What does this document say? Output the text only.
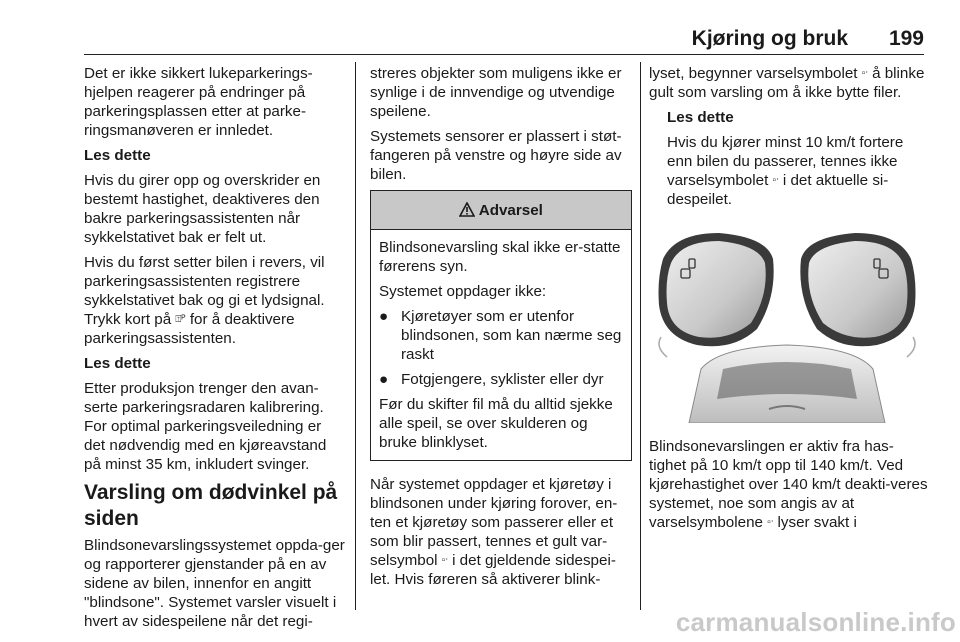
Kjøring og bruk 199

Det er ikke sikkert lukeparkerings-hjelpen reagerer på endringer på parkeringsplassen etter at parke-ringsmanøveren er innledet.

Les dette

Hvis du girer opp og overskrider en bestemt hastighet, deaktiveres den bakre parkeringsassistenten når sykkelstativet bak er felt ut.

Hvis du først setter bilen i revers, vil parkeringsassistenten registrere sykkelstativet bak og gi et lydsignal. Trykk kort på ⍐ᴾ for å deaktivere parkeringsassistenten.

Les dette

Etter produksjon trenger den avan-serte parkeringsradaren kalibrering. For optimal parkeringsveiledning er det nødvendig med en kjøreavstand på minst 35 km, inkludert svinger.

Varsling om dødvinkel på siden

Blindsonevarslingssystemet oppda-ger og rapporterer gjenstander på en av sidene av bilen, innenfor en angitt "blindsone". Systemet varsler visuelt i hvert av sidespeilene når det regi-

streres objekter som muligens ikke er synlige i de innvendige og utvendige speilene.

Systemets sensorer er plassert i støt-fangeren på venstre og høyre side av bilen.

Advarsel

Blindsonevarsling skal ikke er-statte førerens syn.

Systemet oppdager ikke:

● Kjøretøyer som er utenfor blindsonen, som kan nærme seg raskt
● Fotgjengere, syklister eller dyr

Før du skifter fil må du alltid sjekke alle speil, se over skulderen og bruke blinklyset.

Når systemet oppdager et kjøretøy i blindsonen under kjøring forover, en-ten et kjøretøy som passerer eller et som blir passert, tennes et gult var-selsymbol ▫ᐧ i det gjeldende sidespei-let. Hvis føreren så aktiverer blink-

lyset, begynner varselsymbolet ▫ᐧ å blinke gult som varsling om å ikke bytte filer.

Les dette

Hvis du kjører minst 10 km/t fortere enn bilen du passerer, tennes ikke varselsymbolet ▫ᐧ i det aktuelle si-despeilet.

Blindsonevarslingen er aktiv fra has-tighet på 10 km/t opp til 140 km/t. Ved kjørehastighet over 140 km/t deakti-veres systemet, noe som angis av at varselsymbolene ▫ᐧ lyser svakt i

carmanualsonline.info
